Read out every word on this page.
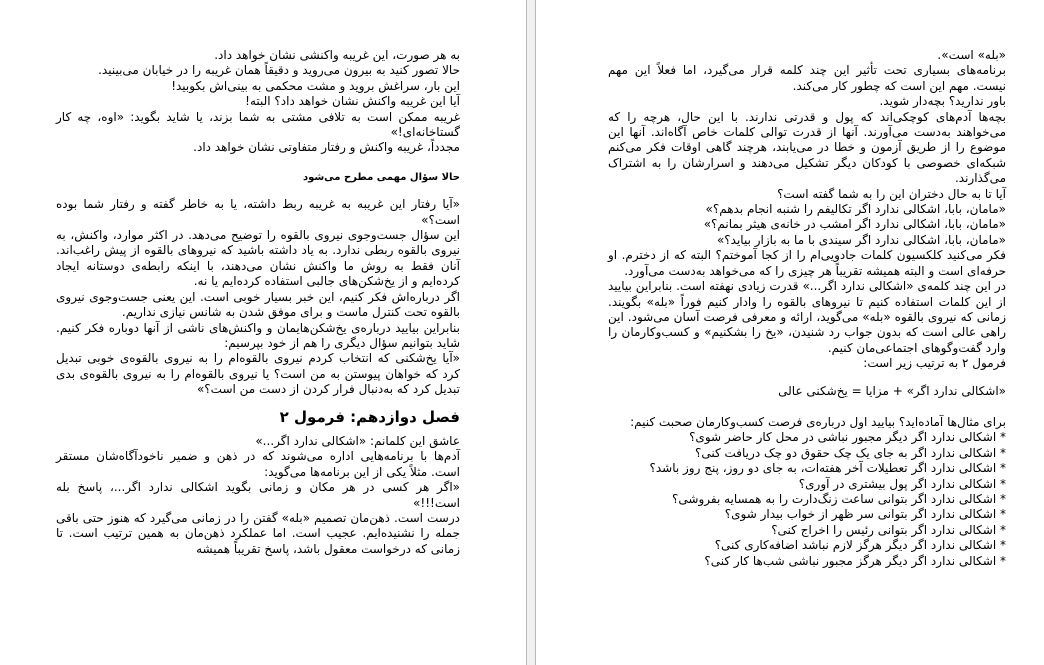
به هر صورت، این غریبه واکنشی نشان خواهد داد.

حالا تصور کنید به بیرون می‌روید و دقیقاً همان غریبه را در خیابان می‌بینید.

این بار، سراغش بروید و مشت محکمی به بینی‌اش بکوبید!

آیا این غریبه واکنش نشان خواهد داد؟ البته!

غریبه ممکن است به تلافی مشتی به شما بزند، یا شاید بگوید: «اوه، چه کار گستاخانه‌ای!»

مجدداً، غریبه واکنش و رفتار متفاوتی نشان خواهد داد.

حالا سؤال مهمی مطرح می‌شود

«آیا رفتار این غریبه به غریبه ربط داشته، یا به خاطر گفته و رفتار شما بوده است؟»

این سؤال جست‌وجوی نیروی بالقوه را توضیح می‌دهد. در اکثر موارد، واکنش، به نیروی بالقوه ربطی ندارد. به یاد داشته باشید که نیروهای بالقوه از پیش راغب‌اند. آنان فقط به روش ما واکنش نشان می‌دهند، با اینکه رابطه‌ی دوستانه ایجاد کرده‌ایم و از یخ‌شکن‌های جالبی استفاده کرده‌ایم یا نه.

اگر درباره‌اش فکر کنیم، این خبر بسیار خوبی است. این یعنی جست‌وجوی نیروی بالقوه تحت کنترل ماست و برای موفق شدن به شانس نیازی نداریم.

بنابراین بیایید درباره‌ی یخ‌شکن‌هایمان و واکنش‌های ناشی از آنها دوباره فکر کنیم. شاید بتوانیم سؤال دیگری را هم از خود بپرسیم:

«آیا یخ‌شکنی که انتخاب کردم نیروی بالقوه‌ام را به نیروی بالقوه‌ی خوبی تبدیل کرد که خواهان پیوستن به من است؟ یا نیروی بالقوه‌ام را به نیروی بالقوه‌ی بدی تبدیل کرد که به‌دنبال فرار کردن از دست من است؟»

فصل دوازدهم: فرمول ۲

عاشق این کلمانم: «اشکالی ندارد اگر...»

آدم‌ها با برنامه‌هایی اداره می‌شوند که در ذهن و ضمیر ناخودآگاه‌شان مستقر است. مثلاً یکی از این برنامه‌ها می‌گوید:

«اگر هر کسی در هر مکان و زمانی بگوید اشکالی ندارد اگر...، پاسخ بله است!!!»

درست است. ذهن‌مان تصمیم «بله» گفتن را در زمانی می‌گیرد که هنوز حتی باقی جمله را نشنیده‌ایم. عجیب است. اما عملکرد ذهن‌مان به همین ترتیب است. تا زمانی که درخواست معقول باشد، پاسخ تقریباً همیشه

«بله» است».

برنامه‌های بسیاری تحت تأثیر این چند کلمه قرار می‌گیرد، اما فعلاً این مهم نیست. مهم این است که چطور کار می‌کند.

باور ندارید؟ بچه‌دار شوید.

بچه‌ها آدم‌های کوچکی‌اند که پول و قدرتی ندارند. با این حال، هرچه را که می‌خواهند به‌دست می‌آورند. آنها از قدرت توالی کلمات خاص آگاه‌اند. آنها این موضوع را از طریق آزمون و خطا در می‌یابند، هرچند گاهی اوقات فکر می‌کنم شبکه‌ای خصوصی با کودکان دیگر تشکیل می‌دهند و اسرارشان را به اشتراک می‌گذارند.

آیا تا به حال دختران این را به شما گفته است؟

«مامان، بابا، اشکالی ندارد اگر تکالیفم را شنبه انجام بدهم؟»

«مامان، بابا، اشکالی ندارد اگر امشب در خانه‌ی هیثر بمانم؟»

«مامان، بابا، اشکالی ندارد اگر سیندی با ما به بازار بیاید؟»

فکر می‌کنید کلکسیون کلمات جادویی‌ام را از کجا آموختم؟ البته که از دخترم. او حرفه‌ای است و البته همیشه تقریباً هر چیزی را که می‌خواهد به‌دست می‌آورد.

در این چند کلمه‌ی «اشکالی ندارد اگر...» قدرت زیادی نهفته است. بنابراین بیایید از این کلمات استفاده کنیم تا نیروهای بالقوه را وادار کنیم فوراً «بله» بگویند. زمانی که نیروی بالقوه «بله» می‌گوید، ارائه و معرفی فرصت آسان می‌شود. این راهی عالی است که بدون جواب رد شنیدن، «یخ را بشکنیم» و کسب‌وکارمان را وارد گفت‌وگوهای اجتماعی‌مان کنیم.

فرمول ۲ به ترتیب زیر است:

«اشکالی ندارد اگر» + مزایا = یخ‌شکنی عالی

برای مثال‌ها آماده‌اید؟ بیایید اول درباره‌ی فرصت کسب‌وکارمان صحبت کنیم:

* اشکالی ندارد اگر دیگر مجبور نباشی در محل کار حاضر شوی؟

* اشکالی ندارد اگر به جای یک چک حقوق دو چک دریافت کنی؟

* اشکالی ندارد اگر تعطیلات آخر هفته‌ات، به جای دو روز، پنج روز باشد؟

* اشکالی ندارد اگر پول بیشتری در آوری؟

* اشکالی ندارد اگر بتوانی ساعت زنگ‌دارت را به همسایه بفروشی؟

* اشکالی ندارد اگر بتوانی سر ظهر از خواب بیدار شوی؟

* اشکالی ندارد اگر بتوانی رئیس را اخراج کنی؟

* اشکالی ندارد اگر دیگر هرگز لازم نباشد اضافه‌کاری کنی؟

* اشکالی ندارد اگر دیگر هرگز مجبور نباشی شب‌ها کار کنی؟
